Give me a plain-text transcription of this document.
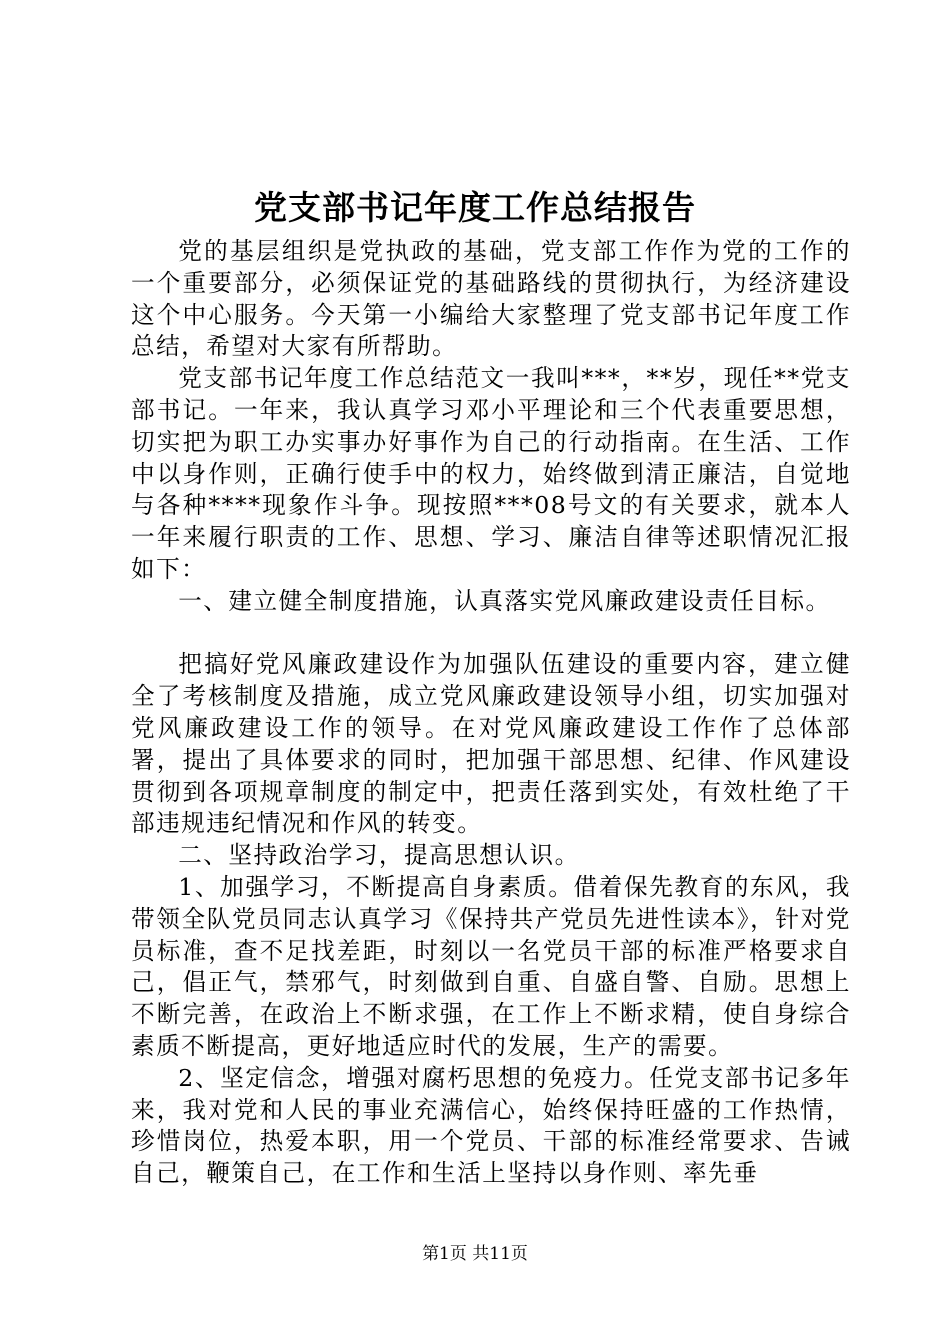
党支部书记年度工作总结报告

党的基层组织是党执政的基础，党支部工作作为党的工作的一个重要部分，必须保证党的基础路线的贯彻执行，为经济建设这个中心服务。今天第一小编给大家整理了党支部书记年度工作总结，希望对大家有所帮助。

党支部书记年度工作总结范文一我叫***，**岁，现任**党支部书记。一年来，我认真学习邓小平理论和三个代表重要思想，切实把为职工办实事办好事作为自己的行动指南。在生活、工作中以身作则，正确行使手中的权力，始终做到清正廉洁，自觉地与各种****现象作斗争。现按照***08号文的有关要求，就本人一年来履行职责的工作、思想、学习、廉洁自律等述职情况汇报如下：

一、建立健全制度措施，认真落实党风廉政建设责任目标。

把搞好党风廉政建设作为加强队伍建设的重要内容，建立健全了考核制度及措施，成立党风廉政建设领导小组，切实加强对党风廉政建设工作的领导。在对党风廉政建设工作作了总体部署，提出了具体要求的同时，把加强干部思想、纪律、作风建设贯彻到各项规章制度的制定中，把责任落到实处，有效杜绝了干部违规违纪情况和作风的转变。

二、坚持政治学习，提高思想认识。

1、加强学习，不断提高自身素质。借着保先教育的东风，我带领全队党员同志认真学习《保持共产党员先进性读本》，针对党员标准，查不足找差距，时刻以一名党员干部的标准严格要求自己，倡正气，禁邪气，时刻做到自重、自盛自警、自励。思想上不断完善，在政治上不断求强，在工作上不断求精，使自身综合素质不断提高，更好地适应时代的发展，生产的需要。

2、坚定信念，增强对腐朽思想的免疫力。任党支部书记多年来，我对党和人民的事业充满信心，始终保持旺盛的工作热情，珍惜岗位，热爱本职，用一个党员、干部的标准经常要求、告诫自己，鞭策自己，在工作和生活上坚持以身作则、率先垂

第1页 共11页
